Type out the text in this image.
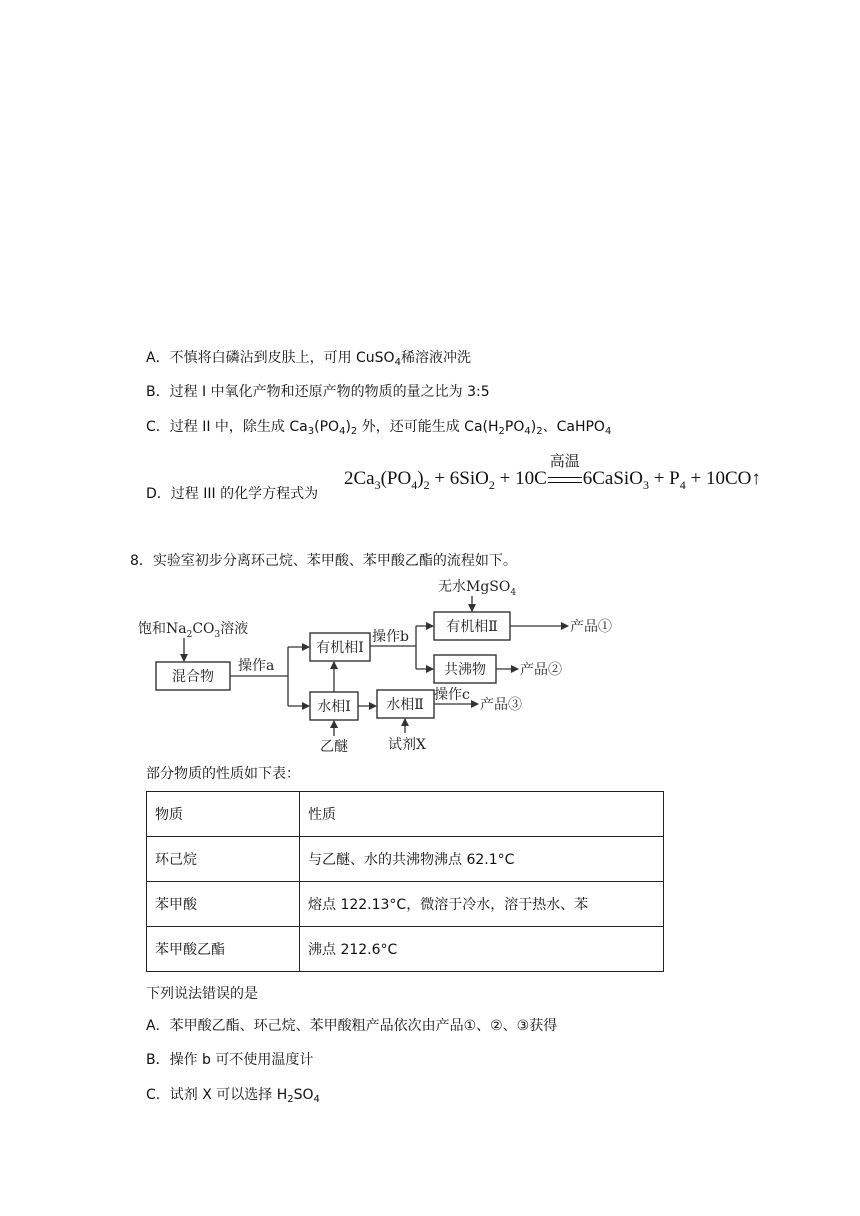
A．不慎将白磷沾到皮肤上，可用 CuSO$_4$稀溶液冲洗
B．过程 I 中氧化产物和还原产物的物质的量之比为 3:5
C．过程 II 中，除生成 $Ca_3(PO_4)_2$ 外，还可能生成 $Ca(H_2PO_4)_2$、CaHPO$_4$
D．过程 III 的化学方程式为
$2Ca_3(PO_4)_2 + 6SiO_2 + 10C$
高温
6CaSiO$_3$ + $P_4$ + 10CO↑
8．实验室初步分离环己烷、苯甲酸、苯甲酸乙酯的流程如下。
饱和$Na_2CO_3$溶液
无水MgSO$_4$
混合物
有机相Ⅰ
有机相Ⅱ
共沸物
水相Ⅰ	水相Ⅱ
操作a
操作b
产品①
产品②
操作c
产品③
乙醚	试剂X
部分物质的性质如下表：
物质	性质
环己烷	与乙醚、水的共沸物沸点 62.1°C
苯甲酸	熔点 122.13°C，微溶于冷水，溶于热水、苯
苯甲酸乙酯	沸点 212.6°C
下列说法错误的是
A．苯甲酸乙酯、环己烷、苯甲酸粗产品依次由产品①、②、③获得
B．操作 b 可不使用温度计
C．试剂 X 可以选择 $H_2SO_4$
